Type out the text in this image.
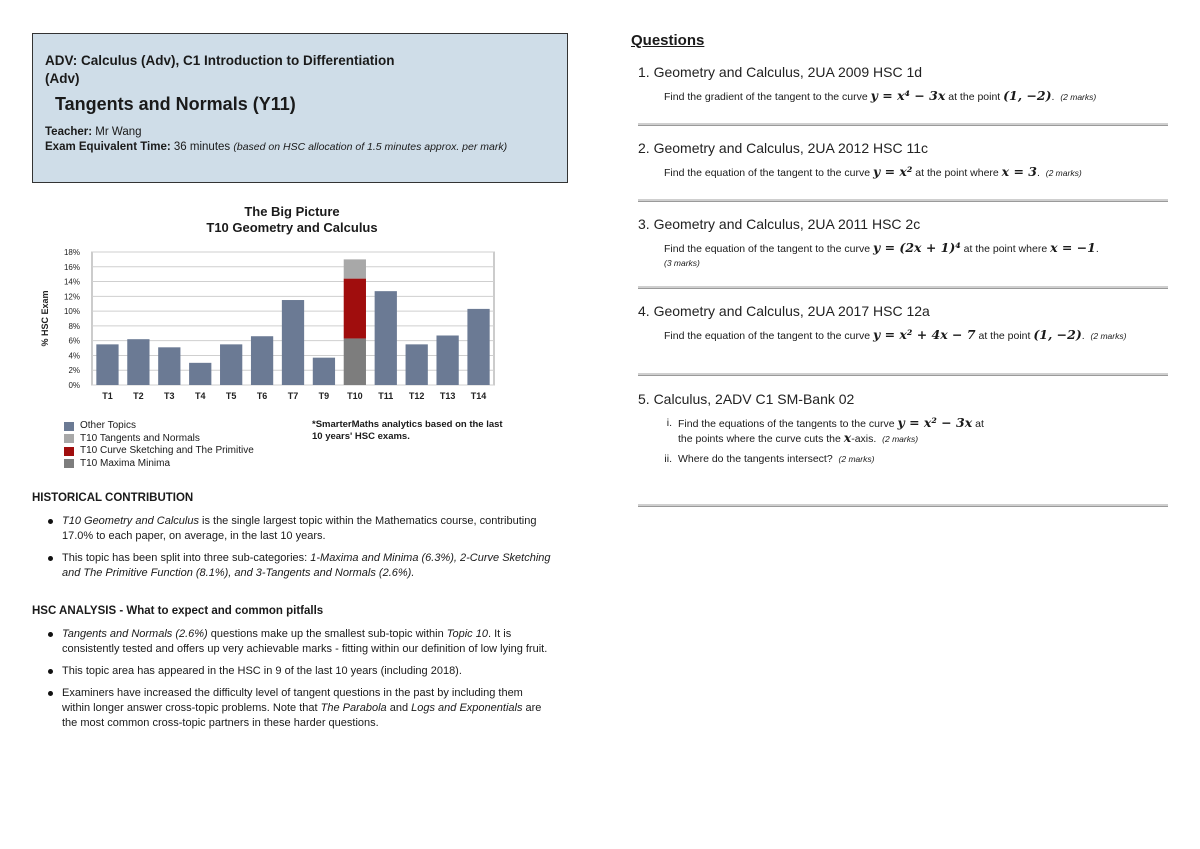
ADV: Calculus (Adv), C1 Introduction to Differentiation (Adv)
Tangents and Normals (Y11)
Teacher: Mr Wang
Exam Equivalent Time: 36 minutes (based on HSC allocation of 1.5 minutes approx. per mark)
The Big Picture
T10 Geometry and Calculus
0%
2%
4%
6%
8%
10%
12%
14%
16%
18%
% HSC Exam
T1 T2 T3 T4 T5 T6 T7 T9 T10 T11 T12 T13 T14
Other Topics
T10 Tangents and Normals
T10 Curve Sketching and The Primitive
T10 Maxima Minima
*SmarterMaths analytics based on the last 10 years' HSC exams.
HISTORICAL CONTRIBUTION
T10 Geometry and Calculus is the single largest topic within the Mathematics course, contributing 17.0% to each paper, on average, in the last 10 years.
This topic has been split into three sub-categories: 1-Maxima and Minima (6.3%), 2-Curve Sketching and The Primitive Function (8.1%), and 3-Tangents and Normals (2.6%).
HSC ANALYSIS - What to expect and common pitfalls
Tangents and Normals (2.6%) questions make up the smallest sub-topic within Topic 10. It is consistently tested and offers up very achievable marks - fitting within our definition of low lying fruit.
This topic area has appeared in the HSC in 9 of the last 10 years (including 2018).
Examiners have increased the difficulty level of tangent questions in the past by including them within longer answer cross-topic problems. Note that The Parabola and Logs and Exponentials are the most common cross-topic partners in these harder questions.
Questions
1. Geometry and Calculus, 2UA 2009 HSC 1d
Find the gradient of the tangent to the curve y = x⁴ − 3x at the point (1, −2). (2 marks)
2. Geometry and Calculus, 2UA 2012 HSC 11c
Find the equation of the tangent to the curve y = x² at the point where x = 3. (2 marks)
3. Geometry and Calculus, 2UA 2011 HSC 2c
Find the equation of the tangent to the curve y = (2x + 1)⁴ at the point where x = −1.
(3 marks)
4. Geometry and Calculus, 2UA 2017 HSC 12a
Find the equation of the tangent to the curve y = x² + 4x − 7 at the point (1, −2). (2 marks)
5. Calculus, 2ADV C1 SM-Bank 02
i. Find the equations of the tangents to the curve y = x² − 3x at the points where the curve cuts the x-axis. (2 marks)
ii. Where do the tangents intersect? (2 marks)
